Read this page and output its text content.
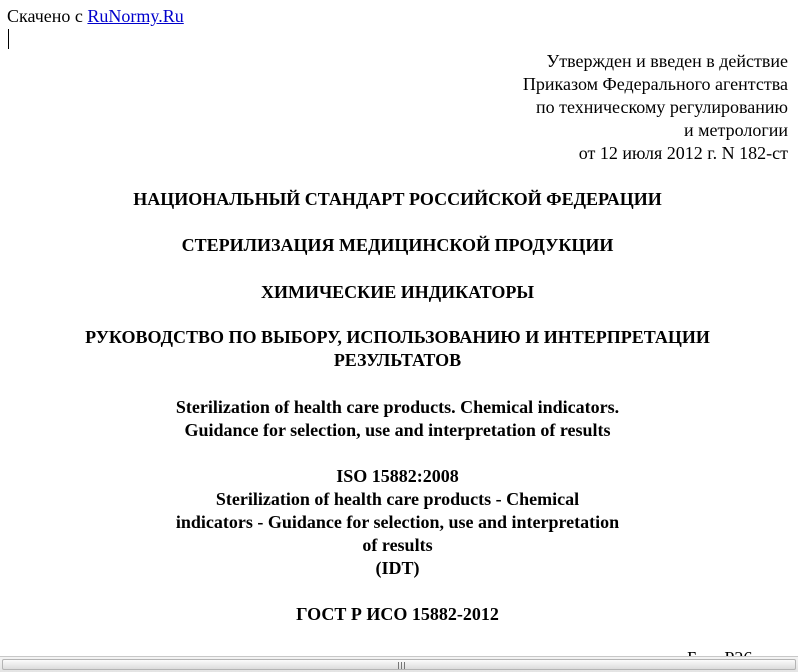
Скачено с RuNormy.Ru
Утвержден и введен в действие
Приказом Федерального агентства
по техническому регулированию
и метрологии
от 12 июля 2012 г. N 182-ст
НАЦИОНАЛЬНЫЙ СТАНДАРТ РОССИЙСКОЙ ФЕДЕРАЦИИ
СТЕРИЛИЗАЦИЯ МЕДИЦИНСКОЙ ПРОДУКЦИИ
ХИМИЧЕСКИЕ ИНДИКАТОРЫ
РУКОВОДСТВО ПО ВЫБОРУ, ИСПОЛЬЗОВАНИЮ И ИНТЕРПРЕТАЦИИ
РЕЗУЛЬТАТОВ
Sterilization of health care products. Chemical indicators.
Guidance for selection, use and interpretation of results
ISO 15882:2008
Sterilization of health care products - Chemical
indicators - Guidance for selection, use and interpretation
of results
(IDT)
ГОСТ Р ИСО 15882-2012
